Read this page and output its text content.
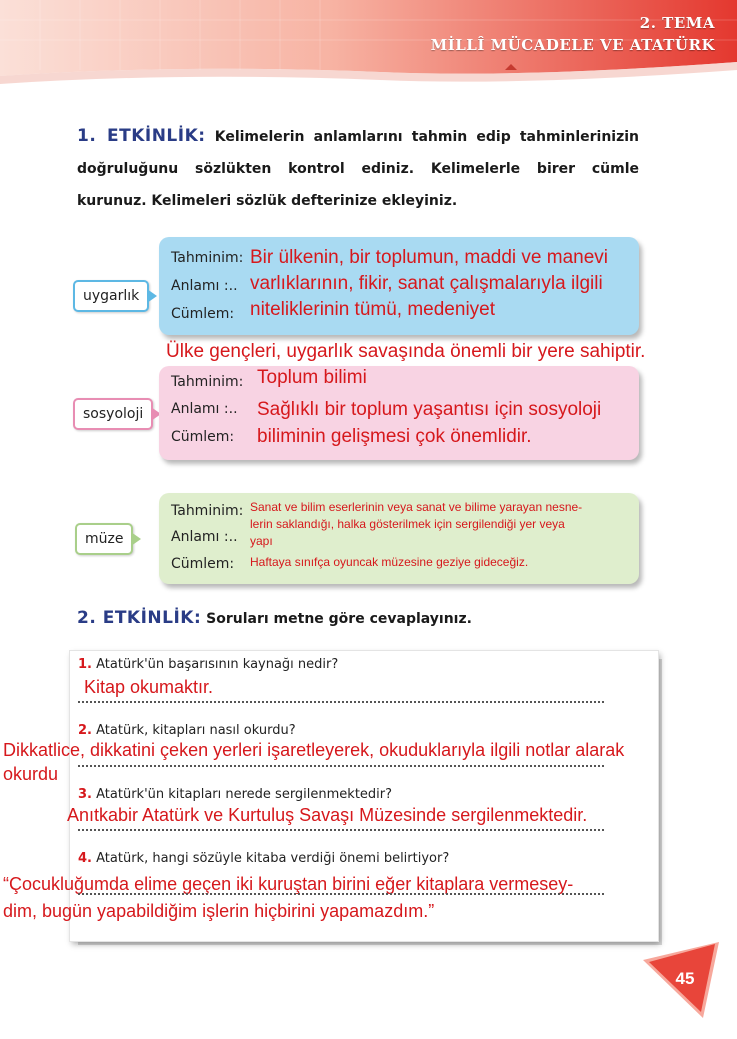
2. TEMA
MİLLÎ MÜCADELE VE ATATÜRK
1. ETKİNLİK: Kelimelerin anlamlarını tahmin edip tahminlerinizin doğruluğunu sözlükten kontrol ediniz. Kelimelerle birer cümle kurunuz. Kelimeleri sözlük defterinize ekleyiniz.
uygarlık
Tahminim:
Anlamı :..
Cümlem:
Bir ülkenin, bir toplumun, maddi ve manevi
varlıklarının, fikir, sanat çalışmalarıyla ilgili
niteliklerinin tümü, medeniyet
Ülke gençleri, uygarlık savaşında önemli bir yere sahiptir.
sosyoloji
Tahminim:
Anlamı :..
Cümlem:
Toplum bilimi
Sağlıklı bir toplum yaşantısı için sosyoloji
biliminin gelişmesi çok önemlidir.
müze
Tahminim:
Anlamı :..
Cümlem:
Sanat ve bilim eserlerinin veya sanat ve bilime yarayan nesne-
lerin saklandığı, halka gösterilmek için sergilendiği yer veya
yapı
Haftaya sınıfça oyuncak müzesine geziye gideceğiz.
2. ETKİNLİK: Soruları metne göre cevaplayınız.
1. Atatürk'ün başarısının kaynağı nedir?
Kitap okumaktır.
2. Atatürk, kitapları nasıl okurdu?
Dikkatlice, dikkatini çeken yerleri işaretleyerek, okuduklarıyla ilgili notlar alarak
okurdu
3. Atatürk'ün kitapları nerede sergilenmektedir?
Anıtkabir Atatürk ve Kurtuluş Savaşı Müzesinde sergilenmektedir.
4. Atatürk, hangi sözüyle kitaba verdiği önemi belirtiyor?
“Çocukluğumda elime geçen iki kuruştan birini eğer kitaplara vermesey-
dim, bugün yapabildiğim işlerin hiçbirini yapamazdım.”
45
